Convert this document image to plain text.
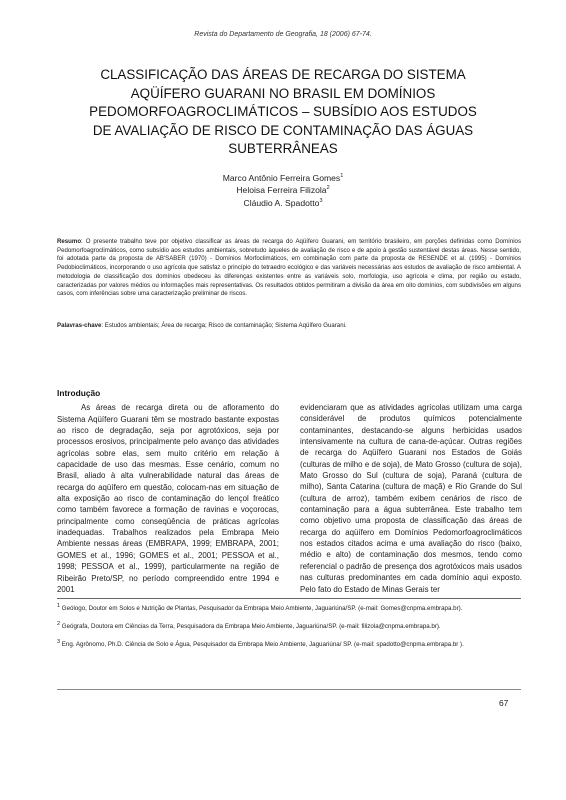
Revista do Departamento de Geografia, 18 (2006) 67-74.
CLASSIFICAÇÃO DAS ÁREAS DE RECARGA DO SISTEMA
AQÜÍFERO GUARANI NO BRASIL EM DOMÍNIOS
PEDOMORFOAGROCLIMÁTICOS – SUBSÍDIO AOS ESTUDOS
DE AVALIAÇÃO DE RISCO DE CONTAMINAÇÃO DAS ÁGUAS
SUBTERRÂNEAS
Marco Antônio Ferreira Gomes$^1$
Heloisa Ferreira Filizola$^2$
Cláudio A. Spadotto$^3$
Resumo: O presente trabalho teve por objetivo classificar as áreas de recarga do Aqüífero Guarani, em território brasileiro, em porções definidas como Domínios Pedomorfoagroclimáticos, como subsídio aos estudos ambientais, sobretudo àqueles de avaliação de risco e de apoio à gestão sustentável destas áreas. Nesse sentido, foi adotada parte da proposta de AB'SABER (1970) - Domínios Morfoclimáticos, em combinação com parte da proposta de RESENDE et al. (1995) - Domínios Pedobioclimáticos, incorporando o uso agrícola que satisfaz o princípio do tetraedro ecológico e das variáveis necessárias aos estudos de avaliação de risco ambiental. A metodologia de classificação dos domínios obedeceu às diferenças existentes entre as variáveis solo, morfologia, uso agrícola e clima, por região ou estado, caracterizadas por valores médios ou informações mais representativas. Os resultados obtidos permitiram a divisão da área em oito domínios, com subdivisões em alguns casos, com inferências sobre uma caracterização preliminar de riscos.
Palavras-chave: Estudos ambientais; Área de recarga; Risco de contaminação; Sistema Aqüífero Guarani.
Introdução

As áreas de recarga direta ou de afloramento do Sistema Aqüífero Guarani têm se mostrado bastante expostas ao risco de degradação, seja por agrotóxicos, seja por processos erosivos, principalmente pelo avanço das atividades agrícolas sobre elas, sem muito critério em relação à capacidade de uso das mesmas. Esse cenário, comum no Brasil, aliado à alta vulnerabilidade natural das áreas de recarga do aqüífero em questão, colocam-nas em situação de alta exposição ao risco de contaminação do lençol freático como também favorece a formação de ravinas e voçorocas, principalmente como conseqüência de práticas agrícolas inadequadas. Trabalhos realizados pela Embrapa Meio Ambiente nessas áreas (EMBRAPA, 1999; EMBRAPA, 2001; GOMES et al., 1996; GOMES et al., 2001; PESSOA et al., 1998; PESSOA et al., 1999), particularmente na região de Ribeirão Preto/SP, no período compreendido entre 1994 e 2001

evidenciaram que as atividades agrícolas utilizam uma carga considerável de produtos químicos potencialmente contaminantes, destacando-se alguns herbicidas usados intensivamente na cultura de cana-de-açúcar. Outras regiões de recarga do Aqüífero Guarani nos Estados de Goiás (culturas de milho e de soja), de Mato Grosso (cultura de soja), Mato Grosso do Sul (cultura de soja), Paraná (cultura de milho), Santa Catarina (cultura de maçã) e Rio Grande do Sul (cultura de arroz), também exibem cenários de risco de contaminação para a água subterrânea. Este trabalho tem como objetivo uma proposta de classificação das áreas de recarga do aqüífero em Domínios Pedomorfoagroclimáticos nos estados citados acima e uma avaliação do risco (baixo, médio e alto) de contaminação dos mesmos, tendo como referencial o padrão de presença dos agrotóxicos mais usados nas culturas predominantes em cada domínio aqui exposto. Pelo fato do Estado de Minas Gerais ter

$^1$ Geólogo, Doutor em Solos e Nutrição de Plantas, Pesquisador da Embrapa Meio Ambiente, Jaguariúna/SP. (e-mail: Gomes@cnpma.embrapa.br).
$^2$ Geógrafa, Doutora em Ciências da Terra, Pesquisadora da Embrapa Meio Ambiente, Jaguariúna/SP. (e-mail: filizola@cnpma.embrapa.br).
$^3$ Eng. Agrônomo, Ph.D. Ciência de Solo e Água, Pesquisador da Embrapa Meio Ambiente, Jaguariúna/ SP. (e-mail: spadotto@cnpma.embrapa.br ).
67
